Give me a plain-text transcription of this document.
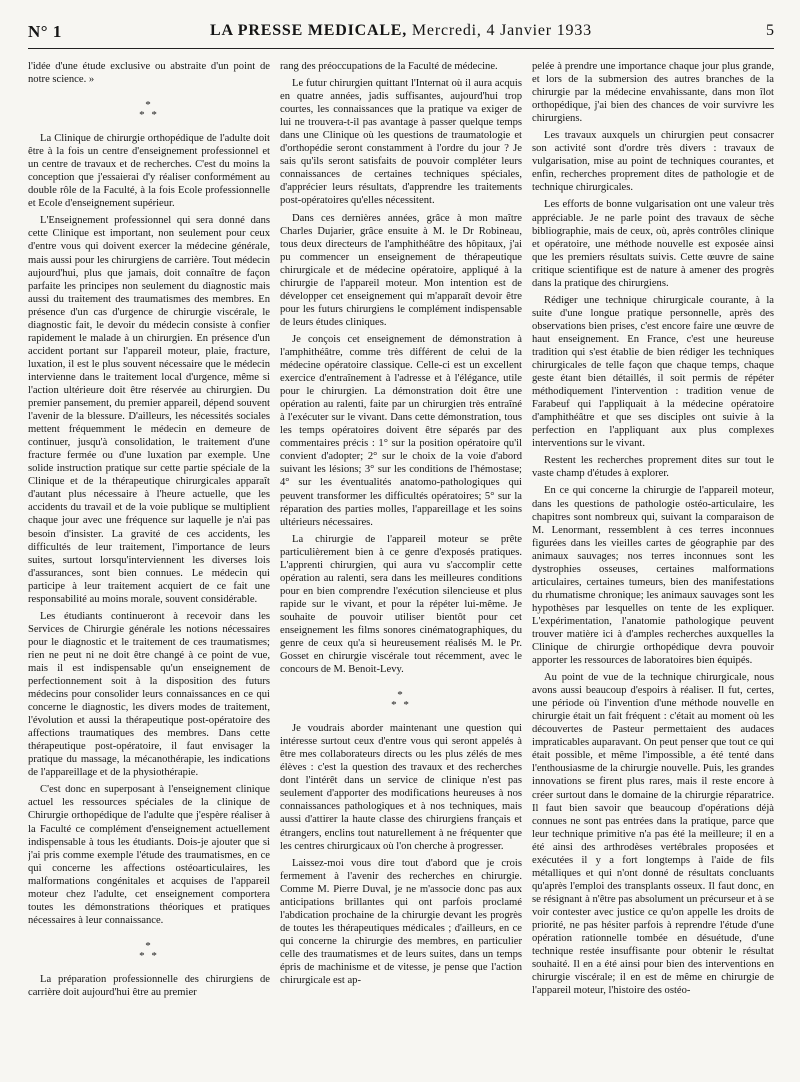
N° 1	LA PRESSE MEDICALE, Mercredi, 4 Janvier 1933	5

l'idée d'une étude exclusive ou abstraite d'un point de notre science. »

*
* *

La Clinique de chirurgie orthopédique de l'adulte doit être à la fois un centre d'enseignement professionnel et un centre de travaux et de recherches. C'est du moins la conception que j'essaierai d'y réaliser conformément au double rôle de la Faculté, à la fois Ecole professionnelle et Ecole d'enseignement supérieur.

L'Enseignement professionnel qui sera donné dans cette Clinique est important, non seulement pour ceux d'entre vous qui doivent exercer la médecine générale, mais aussi pour les chirurgiens de carrière. Tout médecin aujourd'hui, plus que jamais, doit connaître de façon parfaite les principes non seulement du diagnostic mais aussi du traitement des traumatismes des membres. En présence d'un cas d'urgence de chirurgie viscérale, le diagnostic fait, le devoir du médecin consiste à confier rapidement le malade à un chirurgien. En présence d'un accident portant sur l'appareil moteur, plaie, fracture, luxation, il est le plus souvent nécessaire que le médecin intervienne dans le traitement local d'urgence, même si l'action ultérieure doit être réservée au chirurgien. Du premier pansement, du premier appareil, dépend souvent l'avenir de la blessure. D'ailleurs, les nécessités sociales mettent fréquemment le médecin en demeure de continuer, jusqu'à consolidation, le traitement d'une fracture fermée ou d'une luxation par exemple. Une solide instruction pratique sur cette partie spéciale de la Clinique et de la thérapeutique chirurgicales apparaît d'autant plus nécessaire à l'heure actuelle, que les accidents du travail et de la voie publique se multiplient chaque jour avec une fréquence sur laquelle je n'ai pas besoin d'insister. La gravité de ces accidents, les difficultés de leur traitement, l'importance de leurs suites, surtout lorsqu'interviennent les diverses lois d'assurances, sont bien connues. Le médecin qui participe à leur traitement acquiert de ce fait une responsabilité au moins morale, souvent considérable.

Les étudiants continueront à recevoir dans les Services de Chirurgie générale les notions nécessaires pour le diagnostic et le traitement de ces traumatismes; rien ne peut ni ne doit être changé à ce point de vue, mais il est indispensable qu'un enseignement de perfectionnement soit à la disposition des futurs médecins pour consolider leurs connaissances en ce qui concerne le diagnostic, les divers modes de traitement, l'évolution et aussi la thérapeutique post-opératoire des affections traumatiques des membres. Dans cette thérapeutique post-opératoire, il faut envisager la pratique du massage, la mécanothérapie, les indications de l'appareillage et de la physiothérapie.

C'est donc en superposant à l'enseignement clinique actuel les ressources spéciales de la clinique de Chirurgie orthopédique de l'adulte que j'espère réaliser à la Faculté ce complément d'enseignement actuellement indispensable à tous les étudiants. Dois-je ajouter que si j'ai pris comme exemple l'étude des traumatismes, en ce qui concerne les affections ostéoarticulaires, les malformations congénitales et acquises de l'appareil moteur chez l'adulte, cet enseignement comportera toutes les démonstrations théoriques et pratiques nécessaires à leur connaissance.

*
* *

La préparation professionnelle des chirurgiens de carrière doit aujourd'hui être au premier

rang des préoccupations de la Faculté de médecine.

Le futur chirurgien quittant l'Internat où il aura acquis en quatre années, jadis suffisantes, aujourd'hui trop courtes, les connaissances que la pratique va exiger de lui ne trouvera-t-il pas avantage à passer quelque temps dans une Clinique où les questions de traumatologie et d'orthopédie seront constamment à l'ordre du jour ? Je sais qu'ils seront satisfaits de pouvoir compléter leurs connaissances de certaines techniques spéciales, d'apprécier leurs résultats, d'apprendre les traitements post-opératoires qu'elles nécessitent.

Dans ces dernières années, grâce à mon maître Charles Dujarier, grâce ensuite à M. le Dr Robineau, tous deux directeurs de l'amphithéâtre des hôpitaux, j'ai pu commencer un enseignement de thérapeutique chirurgicale et de médecine opératoire, appliqué à la chirurgie de l'appareil moteur. Mon intention est de développer cet enseignement qui m'apparaît devoir être pour les futurs chirurgiens le complément indispensable de leurs études cliniques.

Je conçois cet enseignement de démonstration à l'amphithéâtre, comme très différent de celui de la médecine opératoire classique. Celle-ci est un excellent exercice d'entraînement à l'adresse et à l'élégance, utile pour le chirurgien. La démonstration doit être une opération au ralenti, faite par un chirurgien très entraîné à l'exécuter sur le vivant. Dans cette démonstration, tous les temps opératoires doivent être séparés par des commentaires précis : 1° sur la position opératoire qu'il convient d'adopter; 2° sur le choix de la voie d'abord suivant les lésions; 3° sur les conditions de l'hémostase; 4° sur les éventualités anatomo-pathologiques qui peuvent transformer les difficultés opératoires; 5° sur la réparation des parties molles, l'appareillage et les soins ultérieurs nécessaires.

La chirurgie de l'appareil moteur se prête particulièrement bien à ce genre d'exposés pratiques. L'apprenti chirurgien, qui aura vu s'accomplir cette opération au ralenti, sera dans les meilleures conditions pour en bien comprendre l'exécution silencieuse et plus rapide sur le vivant, et pour la répéter lui-même. Je souhaite de pouvoir utiliser bientôt pour cet enseignement les films sonores cinématographiques, du genre de ceux qu'a si heureusement réalisés M. le Pr. Gosset en chirurgie viscérale tout récemment, avec le concours de M. Benoit-Levy.

*
* *

Je voudrais aborder maintenant une question qui intéresse surtout ceux d'entre vous qui seront appelés à être mes collaborateurs directs ou les plus zélés de mes élèves : c'est la question des travaux et des recherches dont l'intérêt dans un service de clinique n'est pas seulement d'apporter des modifications heureuses à nos connaissances pathologiques et à nos techniques, mais aussi d'attirer la haute classe des chirurgiens français et étrangers, enclins tout naturellement à ne fréquenter que les centres chirurgicaux où l'on cherche à progresser.

Laissez-moi vous dire tout d'abord que je crois fermement à l'avenir des recherches en chirurgie. Comme M. Pierre Duval, je ne m'associe donc pas aux anticipations brillantes qui ont parfois proclamé l'abdication prochaine de la chirurgie devant les progrès de toutes les thérapeutiques médicales ; d'ailleurs, en ce qui concerne la chirurgie des membres, en particulier celle des traumatismes et de leurs suites, dans un temps épris de machinisme et de vitesse, je pense que l'action chirurgicale est ap-

pelée à prendre une importance chaque jour plus grande, et lors de la submersion des autres branches de la chirurgie par la médecine envahissante, dans mon îlot orthopédique, j'ai bien des chances de voir survivre les chirurgiens.

Les travaux auxquels un chirurgien peut consacrer son activité sont d'ordre très divers : travaux de vulgarisation, mise au point de techniques courantes, et enfin, recherches proprement dites de pathologie et de technique chirurgicales.

Les efforts de bonne vulgarisation ont une valeur très appréciable. Je ne parle point des travaux de sèche bibliographie, mais de ceux, où, après contrôles clinique et opératoire, une méthode nouvelle est exposée ainsi que les premiers résultats suivis. Cette œuvre de saine critique scientifique est de nature à amener des progrès dans la pratique des chirurgiens.

Rédiger une technique chirurgicale courante, à la suite d'une longue pratique personnelle, après des observations bien prises, c'est encore faire une œuvre de haut enseignement. En France, c'est une heureuse tradition qui s'est établie de bien rédiger les techniques chirurgicales de telle façon que chaque temps, chaque geste étant bien détaillés, il soit permis de répéter méthodiquement l'intervention : tradition venue de Farabeuf qui l'appliquait à la médecine opératoire d'amphithéâtre et que ses disciples ont suivie à la perfection en l'appliquant aux plus complexes interventions sur le vivant.

Restent les recherches proprement dites sur tout le vaste champ d'études à explorer.

En ce qui concerne la chirurgie de l'appareil moteur, dans les questions de pathologie ostéo-articulaire, les chapitres sont nombreux qui, suivant la comparaison de M. Lenormant, ressemblent à ces terres inconnues figurées dans les vieilles cartes de géographie par des animaux sauvages; nos terres inconnues sont les dystrophies osseuses, certaines malformations articulaires, certaines tumeurs, bien des manifestations du rhumatisme chronique; les animaux sauvages sont les hypothèses par lesquelles on tente de les expliquer. L'expérimentation, l'anatomie pathologique peuvent trouver matière ici à d'amples recherches auxquelles la Clinique de chirurgie orthopédique devra pouvoir apporter les ressources de laboratoires bien équipés.

Au point de vue de la technique chirurgicale, nous avons aussi beaucoup d'espoirs à réaliser. Il fut, certes, une période où l'invention d'une méthode nouvelle en chirurgie était un fait fréquent : c'était au moment où les découvertes de Pasteur permettaient des audaces impraticables auparavant. On peut penser que tout ce qui était possible, et même l'impossible, a été tenté dans l'enthousiasme de la chirurgie nouvelle. Puis, les grandes innovations se firent plus rares, mais il reste encore à créer surtout dans le domaine de la chirurgie réparatrice. Il faut bien savoir que beaucoup d'opérations déjà connues ne sont pas entrées dans la pratique, parce que leur technique primitive n'a pas été la meilleure; il en a été ainsi des arthrodèses vertébrales proposées et exécutées il y a fort longtemps à l'aide de fils métalliques et qui n'ont donné de résultats concluants qu'après l'emploi des transplants osseux. Il faut donc, en se résignant à n'être pas absolument un précurseur et à se voir contester avec justice ce qu'on appelle les droits de priorité, ne pas hésiter parfois à reprendre l'étude d'une opération rationnelle tombée en désuétude, d'une technique restée insuffisante pour obtenir le résultat souhaité. Il en a été ainsi pour bien des interventions en chirurgie viscérale; il en est de même en chirurgie de l'appareil moteur, l'histoire des ostéo-
